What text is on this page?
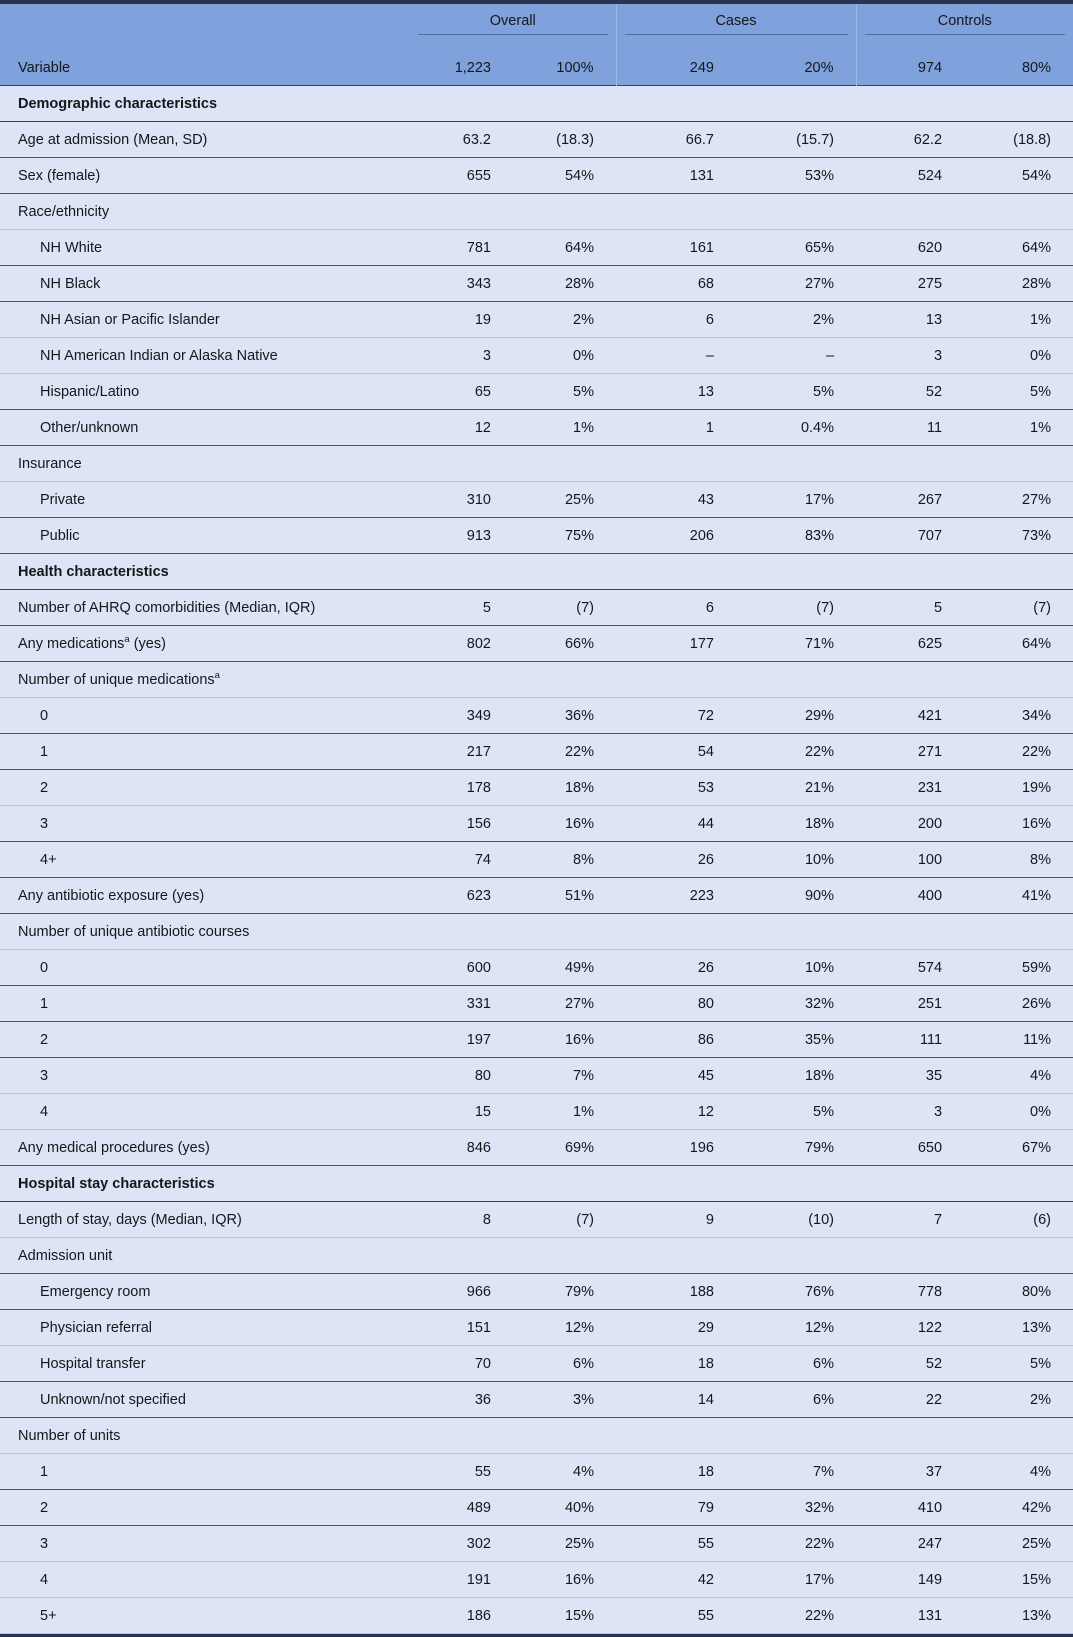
	Overall		Cases		Controls	

Variable	1,223	100%	249	20%	974	80%
Demographic characteristics						
Age at admission (Mean, SD)	63.2	(18.3)	66.7	(15.7)	62.2	(18.8)
Sex (female)	655	54%	131	53%	524	54%
Race/ethnicity						
NH White	781	64%	161	65%	620	64%
NH Black	343	28%	68	27%	275	28%
NH Asian or Pacific Islander	19	2%	6	2%	13	1%
NH American Indian or Alaska Native	3	0%	–	–	3	0%
Hispanic/Latino	65	5%	13	5%	52	5%
Other/unknown	12	1%	1	0.4%	11	1%
Insurance						
Private	310	25%	43	17%	267	27%
Public	913	75%	206	83%	707	73%
Health characteristics						
Number of AHRQ comorbidities (Median, IQR)	5	(7)	6	(7)	5	(7)
Any medications$^a$ (yes)	802	66%	177	71%	625	64%
Number of unique medications$^a$						
0	349	36%	72	29%	421	34%
1	217	22%	54	22%	271	22%
2	178	18%	53	21%	231	19%
3	156	16%	44	18%	200	16%
4+	74	8%	26	10%	100	8%
Any antibiotic exposure (yes)	623	51%	223	90%	400	41%
Number of unique antibiotic courses						
0	600	49%	26	10%	574	59%
1	331	27%	80	32%	251	26%
2	197	16%	86	35%	111	11%
3	80	7%	45	18%	35	4%
4	15	1%	12	5%	3	0%
Any medical procedures (yes)	846	69%	196	79%	650	67%
Hospital stay characteristics						
Length of stay, days (Median, IQR)	8	(7)	9	(10)	7	(6)
Admission unit						
Emergency room	966	79%	188	76%	778	80%
Physician referral	151	12%	29	12%	122	13%
Hospital transfer	70	6%	18	6%	52	5%
Unknown/not specified	36	3%	14	6%	22	2%
Number of units						
1	55	4%	18	7%	37	4%
2	489	40%	79	32%	410	42%
3	302	25%	55	22%	247	25%
4	191	16%	42	17%	149	15%
5+	186	15%	55	22%	131	13%
